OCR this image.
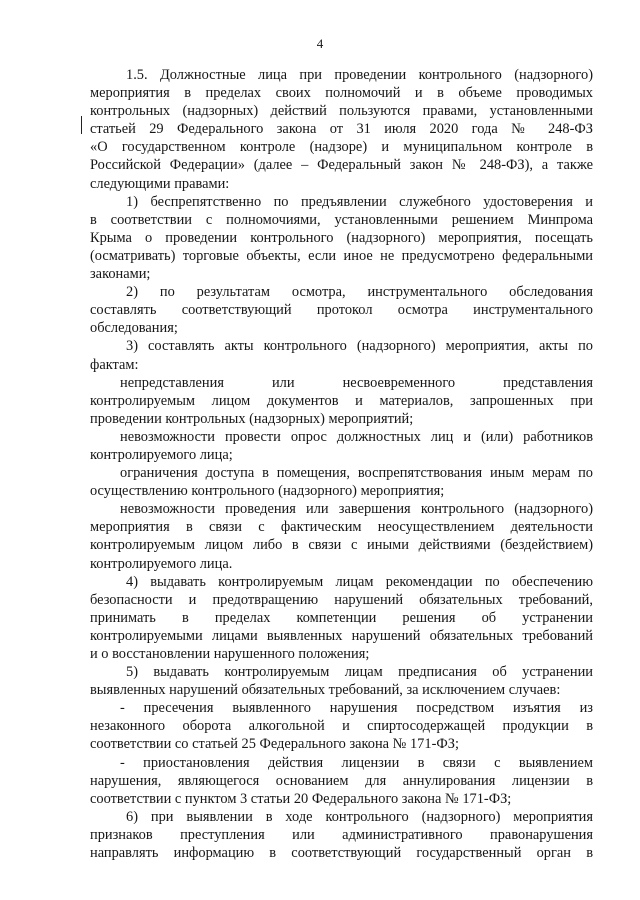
4
1.5. Должностные лица при проведении контрольного (надзорного)
мероприятия в пределах своих полномочий и в объеме проводимых
контрольных (надзорных) действий пользуются правами, установленными
статьей 29 Федерального закона от 31 июля 2020 года № 248-ФЗ
«О государственном контроле (надзоре) и муниципальном контроле в
Российской Федерации» (далее – Федеральный закон № 248-ФЗ), а также
следующими правами:
1) беспрепятственно по предъявлении служебного удостоверения и
в соответствии с полномочиями, установленными решением Минпрома
Крыма о проведении контрольного (надзорного) мероприятия, посещать
(осматривать) торговые объекты, если иное не предусмотрено федеральными
законами;
2) по результатам осмотра, инструментального обследования
составлять соответствующий протокол осмотра инструментального
обследования;
3) составлять акты контрольного (надзорного) мероприятия, акты по
фактам:
непредставления или несвоевременного представления
контролируемым лицом документов и материалов, запрошенных при
проведении контрольных (надзорных) мероприятий;
невозможности провести опрос должностных лиц и (или) работников
контролируемого лица;
ограничения доступа в помещения, воспрепятствования иным мерам по
осуществлению контрольного (надзорного) мероприятия;
невозможности проведения или завершения контрольного (надзорного)
мероприятия в связи с фактическим неосуществлением деятельности
контролируемым лицом либо в связи с иными действиями (бездействием)
контролируемого лица.
4) выдавать контролируемым лицам рекомендации по обеспечению
безопасности и предотвращению нарушений обязательных требований,
принимать в пределах компетенции решения об устранении
контролируемыми лицами выявленных нарушений обязательных требований
и о восстановлении нарушенного положения;
5) выдавать контролируемым лицам предписания об устранении
выявленных нарушений обязательных требований, за исключением случаев:
- пресечения выявленного нарушения посредством изъятия из
незаконного оборота алкогольной и спиртосодержащей продукции в
соответствии со статьей 25 Федерального закона № 171-ФЗ;
- приостановления действия лицензии в связи с выявлением
нарушения, являющегося основанием для аннулирования лицензии в
соответствии с пунктом 3 статьи 20 Федерального закона № 171-ФЗ;
6) при выявлении в ходе контрольного (надзорного) мероприятия
признаков преступления или административного правонарушения
направлять информацию в соответствующий государственный орган в
